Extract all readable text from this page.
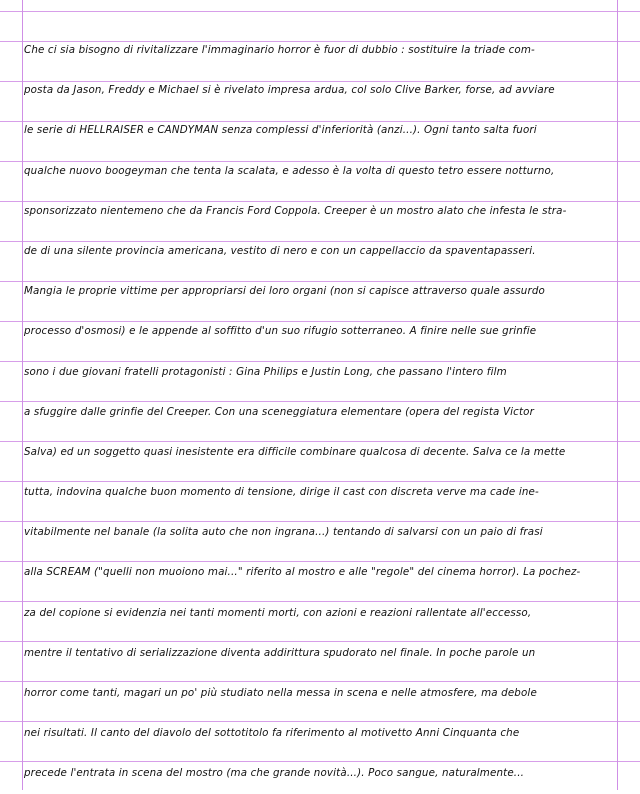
Che ci sia bisogno di rivitalizzare l'immaginario horror è fuor di dubbio : sostituire la triade com-
posta da Jason, Freddy e Michael si è rivelato impresa ardua, col solo Clive Barker, forse, ad avviare
le serie di HELLRAISER e CANDYMAN senza complessi d'inferiorità (anzi...). Ogni tanto salta fuori
qualche nuovo boogeyman che tenta la scalata, e adesso è la volta di questo tetro essere notturno,
sponsorizzato nientemeno che da Francis Ford Coppola. Creeper è un mostro alato che infesta le stra-
de di una silente provincia americana, vestito di nero e con un cappellaccio da spaventapasseri.
Mangia le proprie vittime per appropriarsi dei loro organi (non si capisce attraverso quale assurdo
processo d'osmosi) e le appende al soffitto d'un suo rifugio sotterraneo. A finire nelle sue grinfie
sono i due giovani fratelli protagonisti : Gina Philips e Justin Long, che passano l'intero film
a sfuggire dalle grinfie del Creeper. Con una sceneggiatura elementare (opera del regista Victor
Salva) ed un soggetto quasi inesistente era difficile combinare qualcosa di decente. Salva ce la mette
tutta, indovina qualche buon momento di tensione, dirige il cast con discreta verve ma cade ine-
vitabilmente nel banale (la solita auto che non ingrana...) tentando di salvarsi con un paio di frasi
alla SCREAM ("quelli non muoiono mai..." riferito al mostro e alle "regole" del cinema horror). La pochez-
za del copione si evidenzia nei tanti momenti morti, con azioni e reazioni rallentate all'eccesso,
mentre il tentativo di serializzazione diventa addirittura spudorato nel finale. In poche parole un
horror come tanti, magari un po' più studiato nella messa in scena e nelle atmosfere, ma debole
nei risultati. Il canto del diavolo del sottotitolo fa riferimento al motivetto Anni Cinquanta che
precede l'entrata in scena del mostro (ma che grande novità...). Poco sangue, naturalmente...
